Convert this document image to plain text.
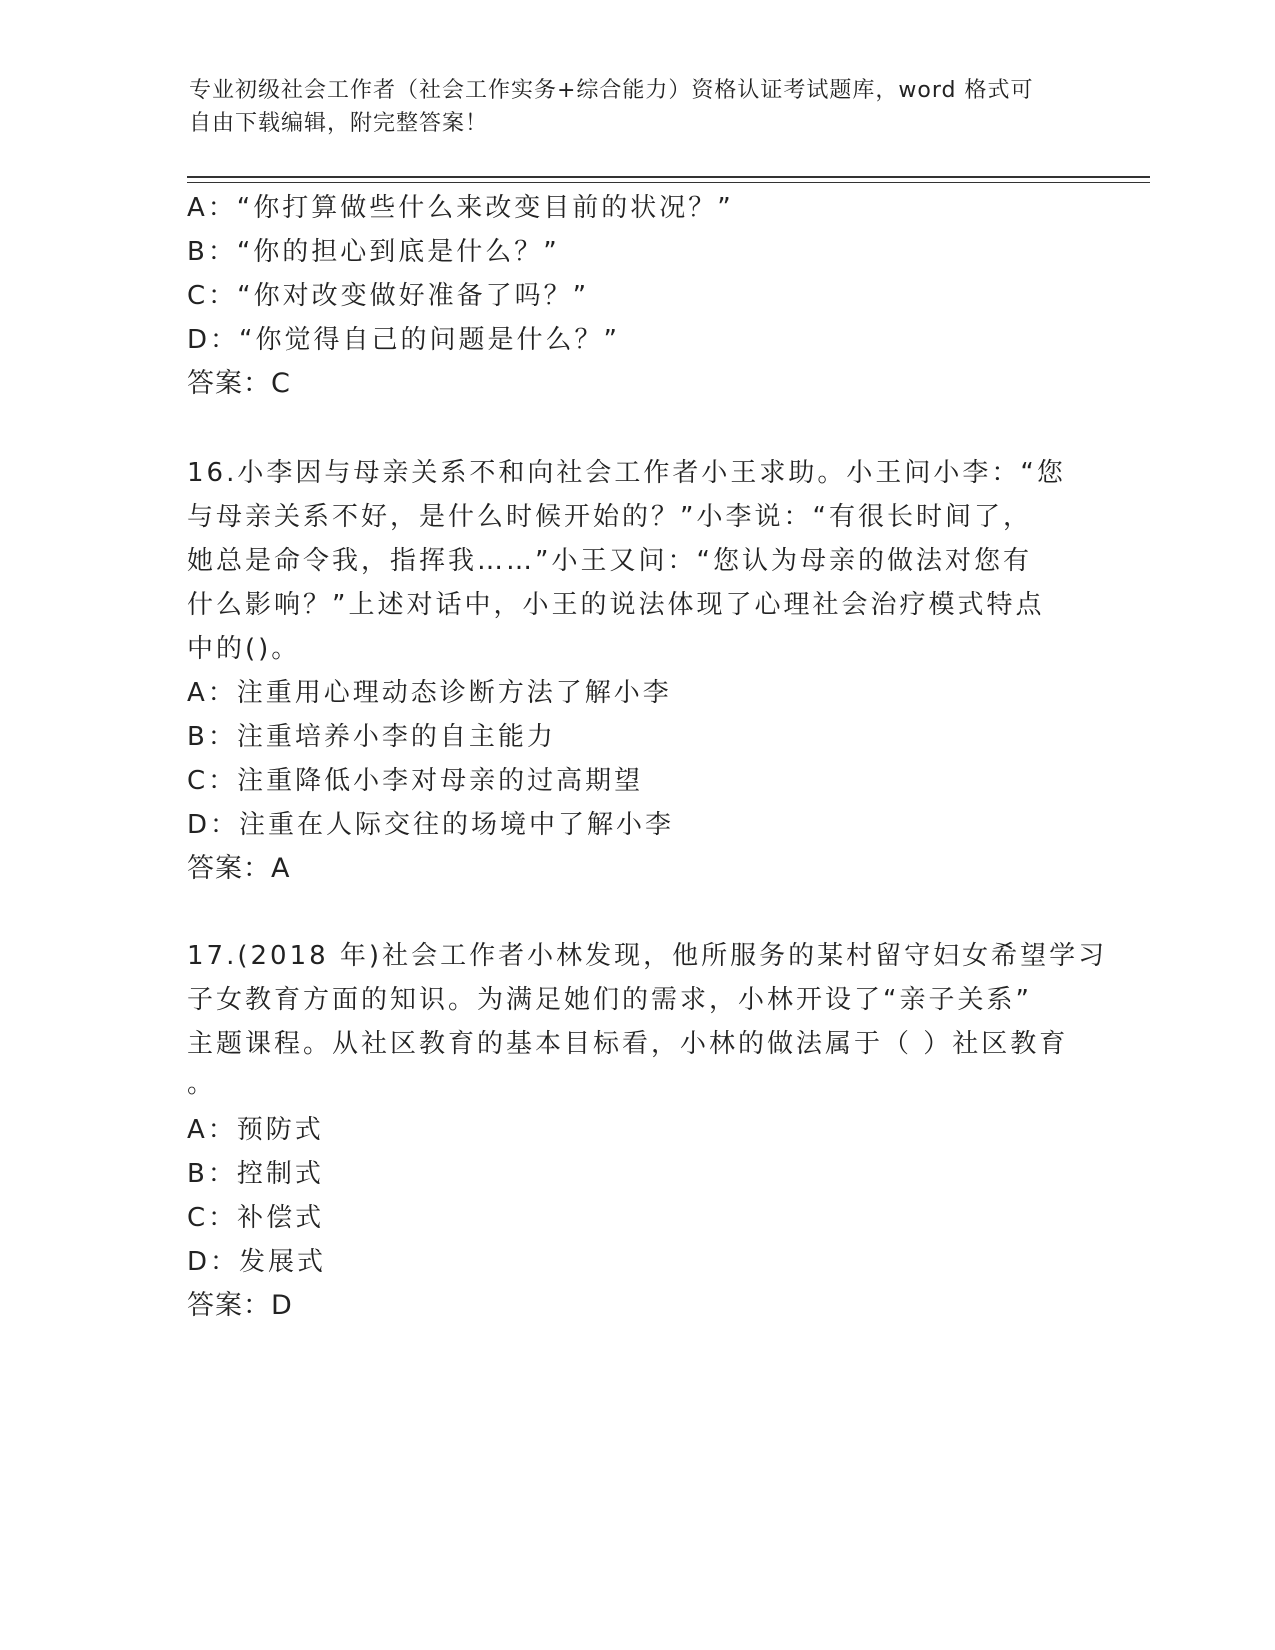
专业初级社会工作者（社会工作实务+综合能力）资格认证考试题库，word 格式可
自由下载编辑，附完整答案！
A：“你打算做些什么来改变目前的状况？”
B：“你的担心到底是什么？”
C：“你对改变做好准备了吗？”
D：“你觉得自己的问题是什么？”
答案：C
16.小李因与母亲关系不和向社会工作者小王求助。小王问小李：“您
与母亲关系不好，是什么时候开始的？”小李说：“有很长时间了，
她总是命令我，指挥我……”小王又问：“您认为母亲的做法对您有
什么影响？”上述对话中，小王的说法体现了心理社会治疗模式特点
中的()。
A：注重用心理动态诊断方法了解小李
B：注重培养小李的自主能力
C：注重降低小李对母亲的过高期望
D：注重在人际交往的场境中了解小李
答案：A
17.(2018 年)社会工作者小林发现，他所服务的某村留守妇女希望学习
子女教育方面的知识。为满足她们的需求，小林开设了“亲子关系”
主题课程。从社区教育的基本目标看，小林的做法属于（ ）社区教育
。
A：预防式
B：控制式
C：补偿式
D：发展式
答案：D
